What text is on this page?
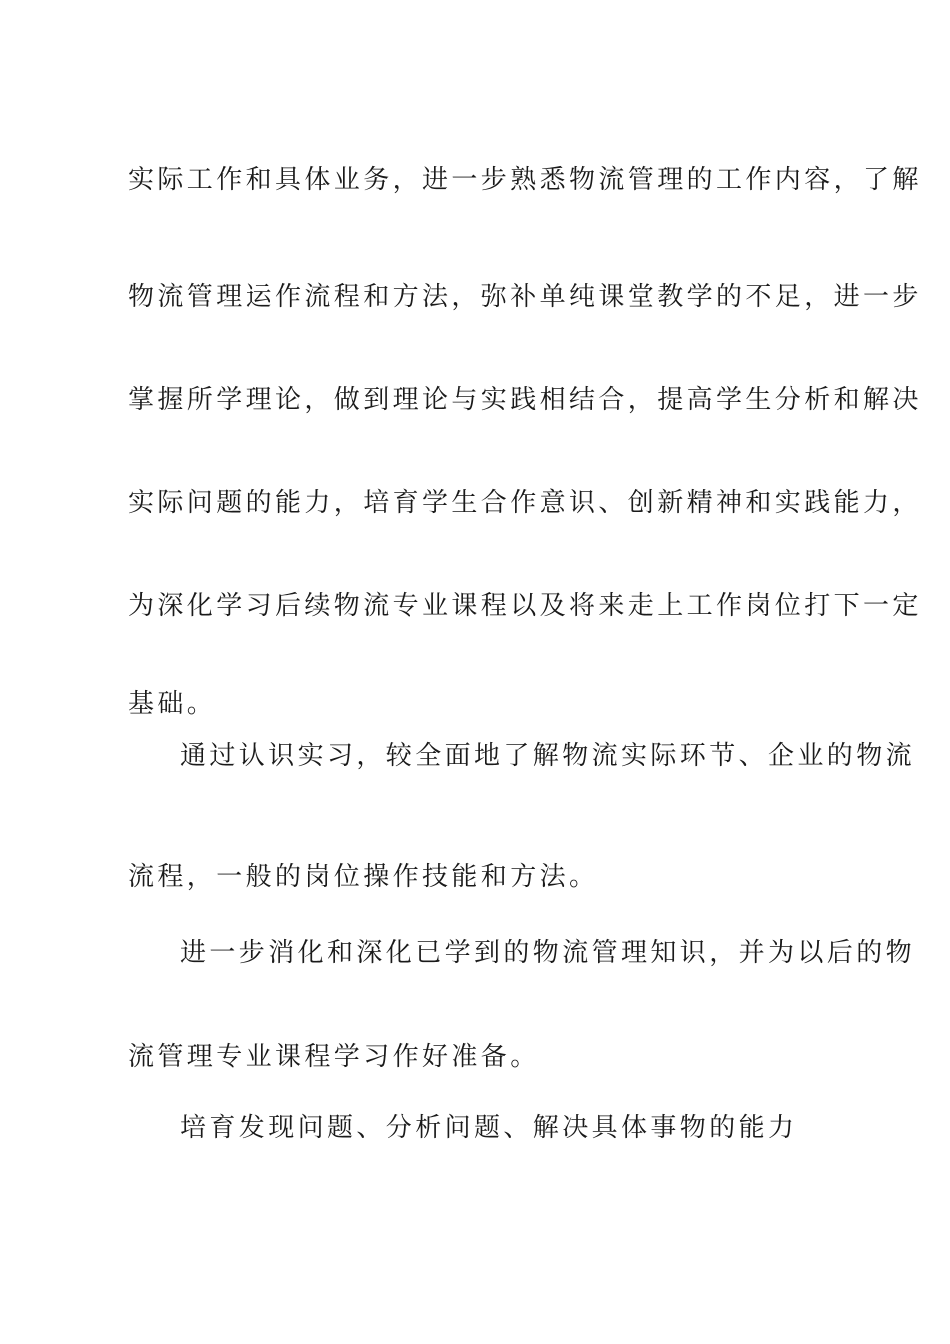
实际工作和具体业务，进一步熟悉物流管理的工作内容，了解
物流管理运作流程和方法，弥补单纯课堂教学的不足，进一步
掌握所学理论，做到理论与实践相结合，提高学生分析和解决
实际问题的能力，培育学生合作意识、创新精神和实践能力，
为深化学习后续物流专业课程以及将来走上工作岗位打下一定
基础。
通过认识实习，较全面地了解物流实际环节、企业的物流
流程，一般的岗位操作技能和方法。
进一步消化和深化已学到的物流管理知识，并为以后的物
流管理专业课程学习作好准备。
培育发现问题、分析问题、解决具体事物的能力
